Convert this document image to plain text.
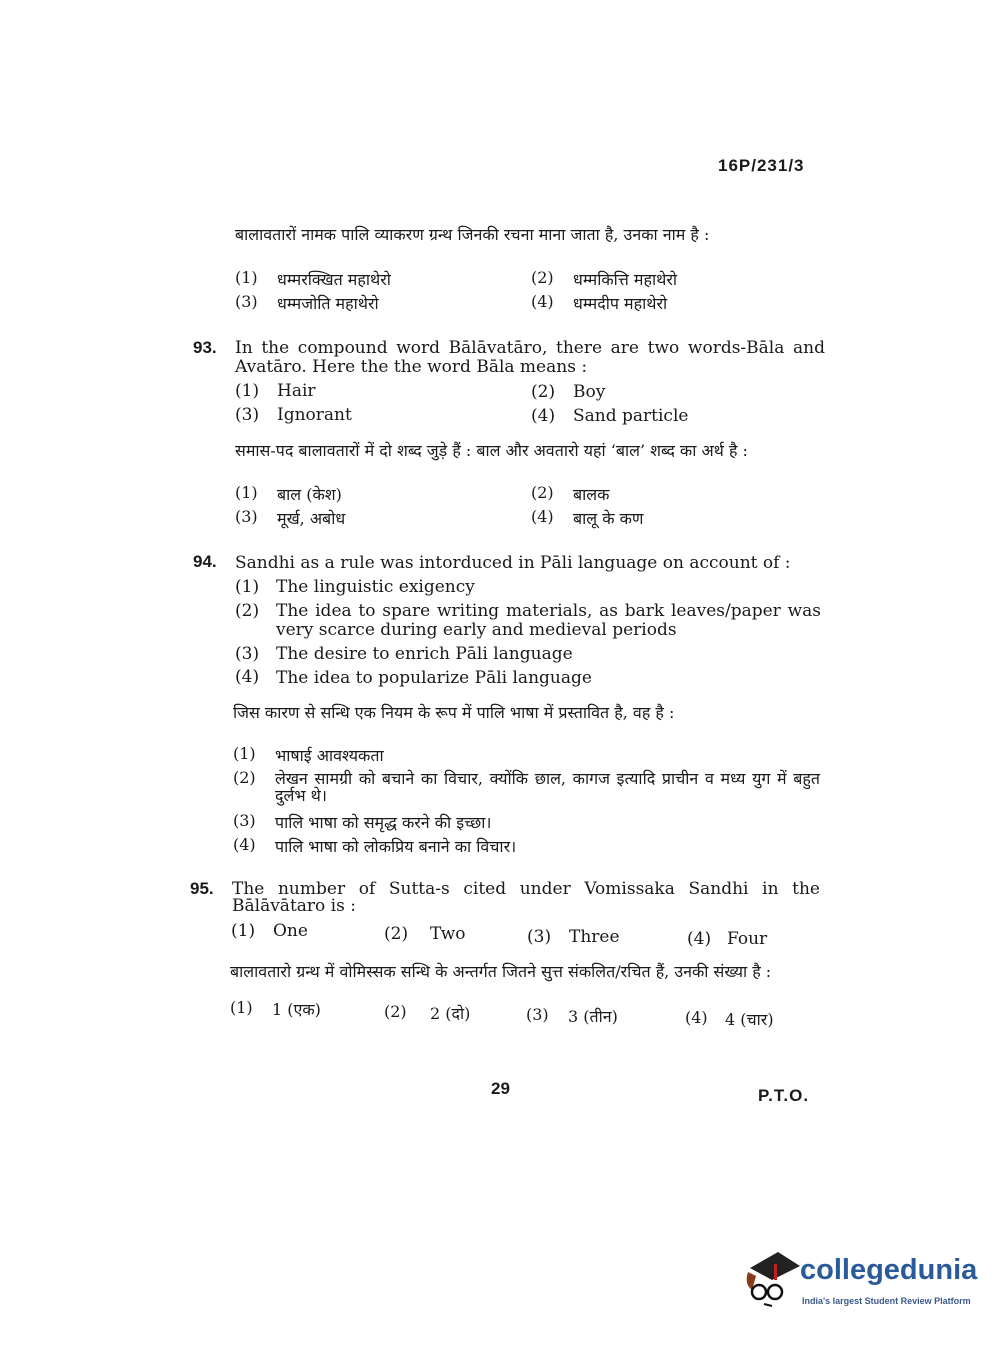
16P/231/3
बालावतारों नामक पालि व्याकरण ग्रन्थ जिनकी रचना माना जाता है, उनका नाम है :
(1) धम्मरक्खित महाथेरो	(2) धम्मकित्ति महाथेरो
(3) धम्मजोति महाथेरो	(4) धम्मदीप महाथेरो
93. In the compound word Bālāvatāro, there are two words-Bāla and Avatāro. Here the the word Bāla means :
(1) Hair	(2) Boy
(3) Ignorant	(4) Sand particle
समास-पद बालावतारों में दो शब्द जुड़े हैं : बाल और अवतारो यहां ‘बाल’ शब्द का अर्थ है :
(1) बाल (केश)	(2) बालक
(3) मूर्ख, अबोध	(4) बालू के कण
94. Sandhi as a rule was intorduced in Pāli language on account of :
(1) The linguistic exigency
(2) The idea to spare writing materials, as bark leaves/paper was very scarce during early and medieval periods
(3) The desire to enrich Pāli language
(4) The idea to popularize Pāli language
जिस कारण से सन्धि एक नियम के रूप में पालि भाषा में प्रस्तावित है, वह है :
(1) भाषाई आवश्यकता
(2) लेखन सामग्री को बचाने का विचार, क्योंकि छाल, कागज इत्यादि प्राचीन व मध्य युग में बहुत दुर्लभ थे।
(3) पालि भाषा को समृद्ध करने की इच्छा।
(4) पालि भाषा को लोकप्रिय बनाने का विचार।
95. The number of Sutta-s cited under Vomissaka Sandhi in the Bālāvātaro is :
(1) One	(2) Two	(3) Three	(4) Four
बालावतारो ग्रन्थ में वोमिस्सक सन्धि के अन्तर्गत जितने सुत्त संकलित/रचित हैं, उनकी संख्या है :
(1) 1 (एक)	(2) 2 (दो)	(3) 3 (तीन)	(4) 4 (चार)
29	P.T.O.
collegedunia
India's largest Student Review Platform
